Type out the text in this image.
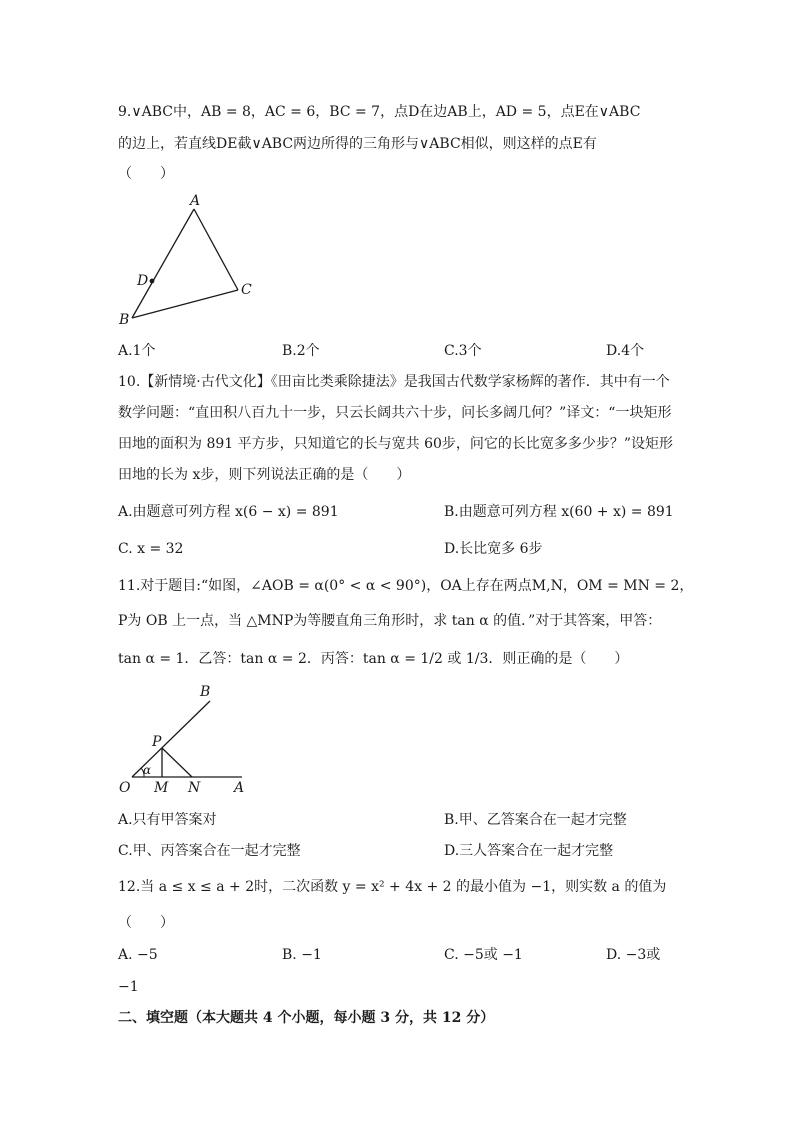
9.∨ABC中，AB = 8，AC = 6，BC = 7，点D在边AB上，AD = 5，点E在∨ABC
的边上，若直线DE截∨ABC两边所得的三角形与∨ABC相似，则这样的点E有
（　　）
A
D
C
B
A.1个	B.2个	C.3个	D.4个
10.【新情境·古代文化】《田亩比类乘除捷法》是我国古代数学家杨辉的著作．其中有一个
数学问题：“直田积八百九十一步，只云长阔共六十步，问长多阔几何？”译文：“一块矩形
田地的面积为 891 平方步，只知道它的长与宽共 60步，问它的长比宽多多少步？”设矩形
田地的长为 x步，则下列说法正确的是（　　）
A.由题意可列方程 x(6 − x) = 891	B.由题意可列方程 x(60 + x) = 891
C. x = 32	D.长比宽多 6步
11.对于题目:“如图，∠AOB = α(0° < α < 90°)，OA上存在两点M,N，OM = MN = 2，
P为 OB 上一点，当 △MNP为等腰直角三角形时，求 tan α 的值．”对于其答案，甲答：
tan α = 1．乙答：tan α = 2．丙答：tan α = 1/2 或 1/3．则正确的是（　　）
B
P
α
O M N A
A.只有甲答案对	B.甲、乙答案合在一起才完整
C.甲、丙答案合在一起才完整	D.三人答案合在一起才完整
12.当 a ≤ x ≤ a + 2时，二次函数 y = x² + 4x + 2 的最小值为 −1，则实数 a 的值为
（　　）
A. −5	B. −1	C. −5或 −1	D. −3或
−1
二、填空题（本大题共 4 个小题，每小题 3 分，共 12 分）
